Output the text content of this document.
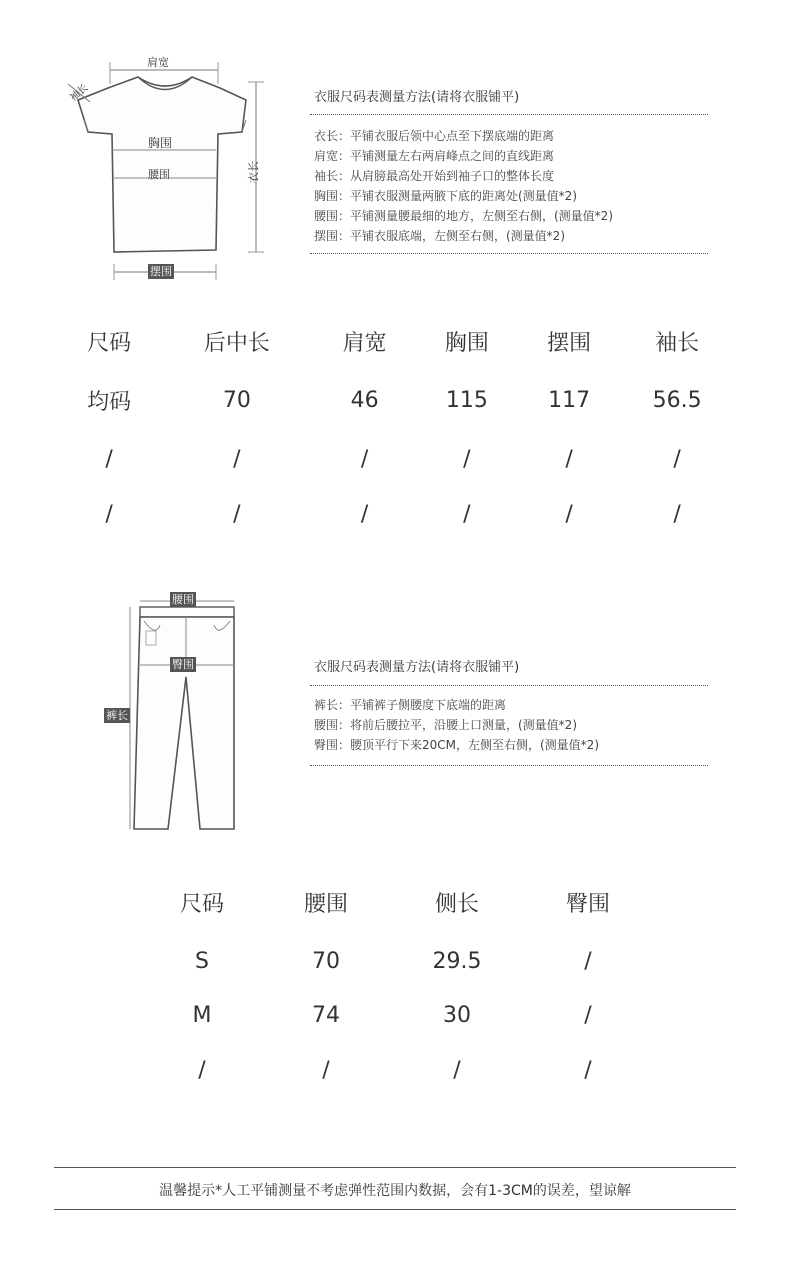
肩宽
袖长
胸围
腰围	衣长
摆围
衣服尺码表测量方法(请将衣服铺平)
衣长：平铺衣服后领中心点至下摆底端的距离
肩宽：平铺测量左右两肩峰点之间的直线距离
袖长：从肩膀最高处开始到袖子口的整体长度
胸围：平铺衣服测量两腋下底的距离处(测量值*2)
腰围：平铺测量腰最细的地方，左侧至右侧，(测量值*2)
摆围：平铺衣服底端，左侧至右侧，(测量值*2)
尺码	后中长	肩宽	胸围	摆围	袖长
均码	70	46	115	117	56.5
/	/	/	/	/	/
/	/	/	/	/	/
腰围
臀围
裤长
衣服尺码表测量方法(请将衣服铺平)
裤长：平铺裤子侧腰度下底端的距离
腰围：将前后腰拉平，沿腰上口测量，(测量值*2)
臀围：腰顶平行下来20CM，左侧至右侧，(测量值*2)
尺码	腰围	侧长	臀围
S	70	29.5	/
M	74	30	/
/	/	/	/
温馨提示*人工平铺测量不考虑弹性范围内数据，会有1-3CM的误差，望谅解
